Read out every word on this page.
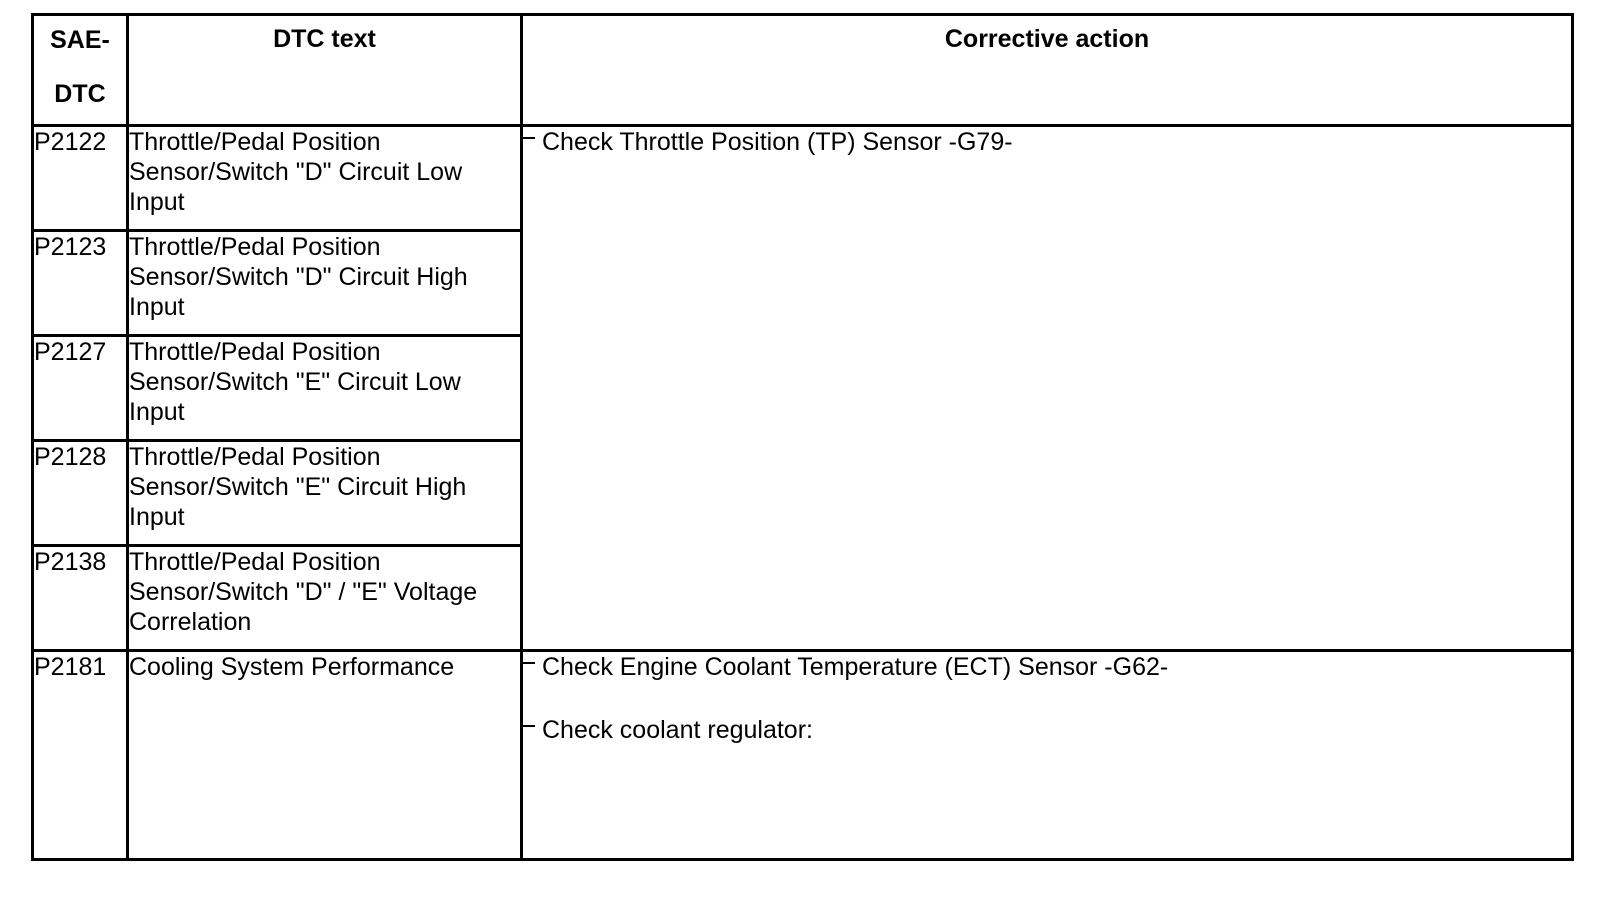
SAE-
DTC	DTC text	Corrective action

P2122	Throttle/Pedal Position Sensor/Switch "D" Circuit Low Input	Check Throttle Position (TP) Sensor -G79-

P2123	Throttle/Pedal Position Sensor/Switch "D" Circuit High Input	
P2127	Throttle/Pedal Position Sensor/Switch "E" Circuit Low Input	
P2128	Throttle/Pedal Position Sensor/Switch "E" Circuit High Input	
P2138	Throttle/Pedal Position Sensor/Switch "D" / "E" Voltage Correlation	
P2181	Cooling System Performance	Check Engine Coolant Temperature (ECT) Sensor -G62-
Check coolant regulator:
